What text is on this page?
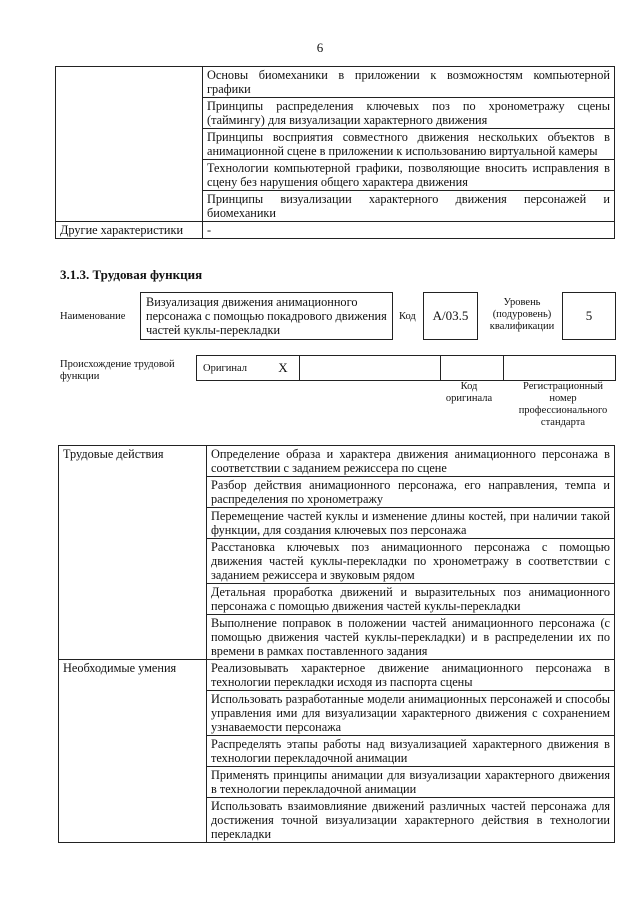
6
	Основы биомеханики в приложении к возможностям компьютерной графики
	Принципы распределения ключевых поз по хронометражу сцены (таймингу) для визуализации характерного движения
	Принципы восприятия совместного движения нескольких объектов в анимационной сцене в приложении к использованию виртуальной камеры
	Технологии компьютерной графики, позволяющие вносить исправления в сцену без нарушения общего характера движения
	Принципы визуализации характерного движения персонажей и биомеханики
Другие характеристики	-
3.1.3. Трудовая функция
Наименование
Визуализация движения анимационного персонажа с помощью покадрового движения частей куклы-перекладки
Код	A/03.5
Уровень (подуровень) квалификации
5
Происхождение трудовой функции
Оригинал	X			
Код оригинала
Регистрационный номер профессионального стандарта
Трудовые действия	Определение образа и характера движения анимационного персонажа в соответствии с заданием режиссера по сцене
	Разбор действия анимационного персонажа, его направления, темпа и распределения по хронометражу
	Перемещение частей куклы и изменение длины костей, при наличии такой функции, для создания ключевых поз персонажа
	Расстановка ключевых поз анимационного персонажа с помощью движения частей куклы-перекладки по хронометражу в соответствии с заданием режиссера и звуковым рядом
	Детальная проработка движений и выразительных поз анимационного персонажа с помощью движения частей куклы-перекладки
	Выполнение поправок в положении частей анимационного персонажа (с помощью движения частей куклы-перекладки) и в распределении их по времени в рамках поставленного задания
Необходимые умения	Реализовывать характерное движение анимационного персонажа в технологии перекладки исходя из паспорта сцены
	Использовать разработанные модели анимационных персонажей и способы управления ими для визуализации характерного движения с сохранением узнаваемости персонажа
	Распределять этапы работы над визуализацией характерного движения в технологии перекладочной анимации
	Применять принципы анимации для визуализации характерного движения в технологии перекладочной анимации
	Использовать взаимовлияние движений различных частей персонажа для достижения точной визуализации характерного действия в технологии перекладки
